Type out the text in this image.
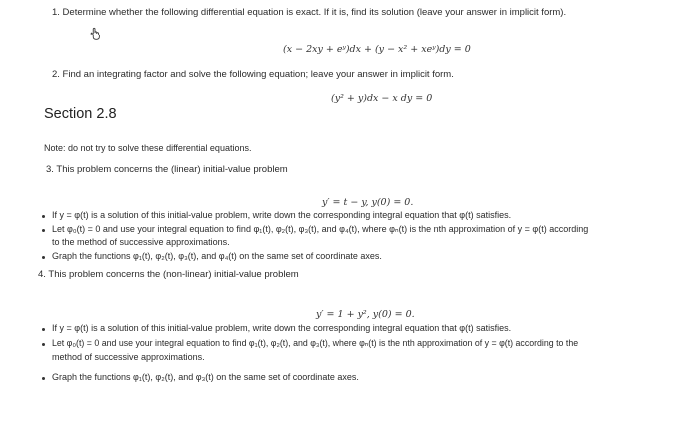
1. Determine whether the following differential equation is exact. If it is, find its solution (leave your answer in implicit form).
(x − 2xy + eʸ)dx + (y − x² + xeʸ)dy = 0
2. Find an integrating factor and solve the following equation; leave your answer in implicit form.
(y² + y)dx − x dy = 0
Section 2.8
Note: do not try to solve these differential equations.
3. This problem concerns the (linear) initial-value problem
y′ = t − y, y(0) = 0.
If y = φ(t) is a solution of this initial-value problem, write down the corresponding integral equation that φ(t) satisfies.
Let φ₀(t) = 0 and use your integral equation to find φ₁(t), φ₂(t), φ₃(t), and φ₄(t), where φₙ(t) is the nth approximation of y = φ(t) according
to the method of successive approximations.
Graph the functions φ₁(t), φ₂(t), φ₃(t), and φ₄(t) on the same set of coordinate axes.
4. This problem concerns the (non-linear) initial-value problem
y′ = 1 + y², y(0) = 0.
If y = φ(t) is a solution of this initial-value problem, write down the corresponding integral equation that φ(t) satisfies.
Let φ₀(t) = 0 and use your integral equation to find φ₁(t), φ₂(t), and φ₃(t), where φₙ(t) is the nth approximation of y = φ(t) according to the
method of successive approximations.
Graph the functions φ₁(t), φ₂(t), and φ₃(t) on the same set of coordinate axes.
